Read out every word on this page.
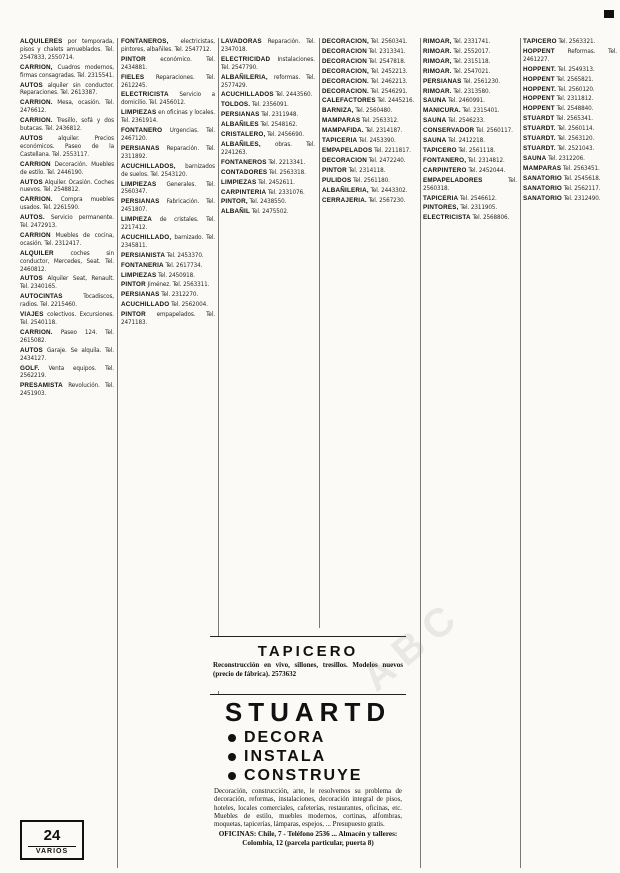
ALQUILERES por temporada, pisos y chalets amueblados. Tel. 2547833, 2550714.
CARRION, Cuadros modernos, firmas consagradas. Tel. 2315541.
AUTOS alquiler sin conductor. Reparaciones. Tel. 2613387.
CARRION. Mesa, ocasión. Tel. 2476612.
CARRION. Tresillo, sofá y dos butacas. Tel. 2436812.
AUTOS alquiler. Precios económicos. Paseo de la Castellana. Tel. 2553117.
CARRION Decoración. Muebles de estilo. Tel. 2446190.
AUTOS Alquiler. Ocasión. Coches nuevos. Tel. 2548812.
CARRION. Compra muebles usados. Tel. 2261590.
AUTOS. Servicio permanente. Tel. 2472913.
CARRION Muebles de cocina, ocasión. Tel. 2312417.
ALQUILER	coches sin conductor, Mercedes, Seat. Tel. 2460812.
AUTOS Alquiler Seat, Renault. Tel. 2340165.
AUTOCINTAS	Tocadiscos, radios. Tel. 2215460.
VIAJES colectivos. Excursiones. Tel. 2540118.
CARRION. Paseo 124. Tel. 2615082.
AUTOS Garaje. Se alquila. Tel. 2434127.
GOLF. Venta equipos. Tel. 2562219.
PRESAMISTA Revolución. Tel. 2451903.
FONTANEROS, electricistas, pintores, albañiles. Tel. 2547712.
PINTOR económico. Tel. 2434881.
FIELES Reparaciones. Tel. 2612245.
ELECTRICISTA Servicio a domicilio. Tel. 2456012.
LIMPIEZAS en oficinas y locales. Tel. 2361914.
FONTANERO Urgencias. Tel. 2467120.
PERSIANAS Reparación. Tel. 2311892.
ACUCHILLADOS, barnizados de suelos. Tel. 2543120.
LIMPIEZAS Generales. Tel. 2560347.
PERSIANAS Fabricación. Tel. 2451807.
LIMPIEZA de cristales. Tel. 2217412.
ACUCHILLADO, barnizado. Tel. 2345811.
PERSIANISTA Tel. 2453370.
FONTANERIA Tel. 2617734.
LIMPIEZAS Tel. 2450918.
PINTOR Jiménez. Tel. 2563311.
PERSIANAS Tel. 2312270.
ACUCHILLADO Tel. 2562004.
PINTOR empapelados. Tel. 2471183.
LAVADORAS Reparación. Tel. 2347018.
ELECTRICIDAD Instalaciones. Tel. 2547790.
ALBAÑILERIA, reformas. Tel. 2577429.
ACUCHILLADOS Tel. 2443560.
TOLDOS. Tel. 2356091.
PERSIANAS Tel. 2311948.
ALBAÑILES Tel. 2548162.
CRISTALERO, Tel. 2456690.
ALBAÑILES, obras. Tel. 2241263.
FONTANEROS Tel. 2213341.
CONTADORES Tel. 2563318.
LIMPIEZAS Tel. 2452611.
CARPINTERIA Tel. 2331076.
PINTOR, Tel. 2438550.
ALBAÑIL Tel. 2475502.
DECORACION, Tel. 2560341.
DECORACION Tel. 2313341.
DECORACION Tel. 2547818.
DECORACION, Tel. 2452213.
DECORACION. Tel. 2462213.
DECORACION. Tel. 2546291.
CALEFACTORES Tel. 2445216.
BARNIZA, Tel. 2560480.
MAMPARAS Tel. 2563312.
MAMPAFIDA. Tel. 2314187.
TAPICERIA Tel. 2453390.
EMPAPELADOS Tel. 2211817.
DECORACION Tel. 2472240.
PINTOR Tel. 2314118.
PULIDOS Tel. 2561180.
ALBAÑILERIA, Tel. 2443302.
CERRAJERIA. Tel. 2567230.
RIMOAR, Tel. 2331741.
RIMOAR. Tel. 2552017.
RIMOAR, Tel. 2315118.
RIMOAR. Tel. 2547021.
PERSIANAS Tel. 2561230.
RIMOAR. Tel. 2313580.
SAUNA Tel. 2460991.
MANICURA. Tel. 2315401.
SAUNA Tel. 2546233.
CONSERVADOR Tel. 2560117.
SAUNA Tel. 2412218.
TAPICERO Tel. 2561118.
FONTANERO, Tel. 2314812.
CARPINTERO Tel. 2452044.
EMPAPELADORES	Tel. 2560318.
TAPICERIA Tel. 2546612.
PINTORES, Tel. 2311905.
ELECTRICISTA Tel. 2568806.
TAPICERO Tel. 2563321.
HOPPENT Reformas. Tel. 2461227.
HOPPENT. Tel. 2549313.
HOPPENT Tel. 2565821.
HOPPENT. Tel. 2560120.
HOPPENT Tel. 2311812.
HOPPENT Tel. 2548840.
STUARDT Tel. 2565341.
STUARDT. Tel. 2560114.
STUARDT. Tel. 2563120.
STUARDT. Tel. 2521043.
SAUNA Tel. 2312206.
MAMPARAS Tel. 2563451.
SANATORIO Tel. 2545618.
SANATORIO Tel. 2562117.
SANATORIO Tel. 2312490.
TAPICERO
Reconstrucción en vivo, sillones, tresillos. Modelos nuevos (precio de fábrica). 2573632
STUARTD
DECORA
INSTALA
CONSTRUYE
Decoración, construcción, arte, le resolvemos su problema de decoración, reformas, instalaciones, decoración integral de pisos, hoteles, locales comerciales, cafeterías, restaurantes, oficinas, etc. Muebles de estilo, muebles modernos, cortinas, alfombras, moquetas, tapicerías, lámparas, espejos, ... Presupuesto gratis.
OFICINAS: Chile, 7 - Teléfono 2536 ... Almacén y talleres: Colombia, 12 (parcela particular, puerta 8)
24
VARIOS
ABC
